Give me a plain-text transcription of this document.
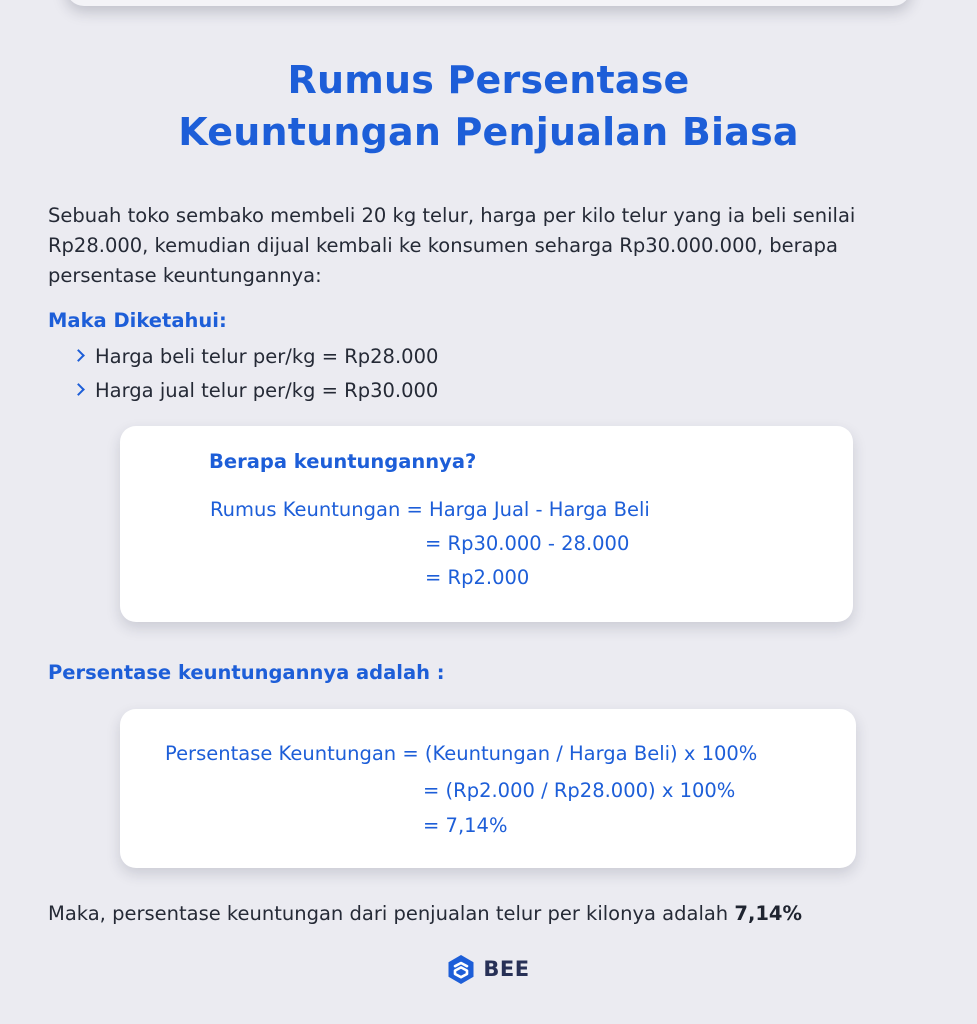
Rumus Persentase
Keuntungan Penjualan Biasa

Sebuah toko sembako membeli 20 kg telur, harga per kilo telur yang ia beli senilai Rp28.000, kemudian dijual kembali ke konsumen seharga Rp30.000.000, berapa persentase keuntungannya:

Maka Diketahui:
Harga beli telur per/kg = Rp28.000
Harga jual telur per/kg = Rp30.000
Berapa keuntungannya?
Rumus Keuntungan = Harga Jual - Harga Beli
= Rp30.000 - 28.000
= Rp2.000
Persentase keuntungannya adalah :
Persentase Keuntungan = (Keuntungan / Harga Beli) x 100%
= (Rp2.000 / Rp28.000) x 100%
= 7,14%

Maka, persentase keuntungan dari penjualan telur per kilonya adalah 7,14%

BEE
